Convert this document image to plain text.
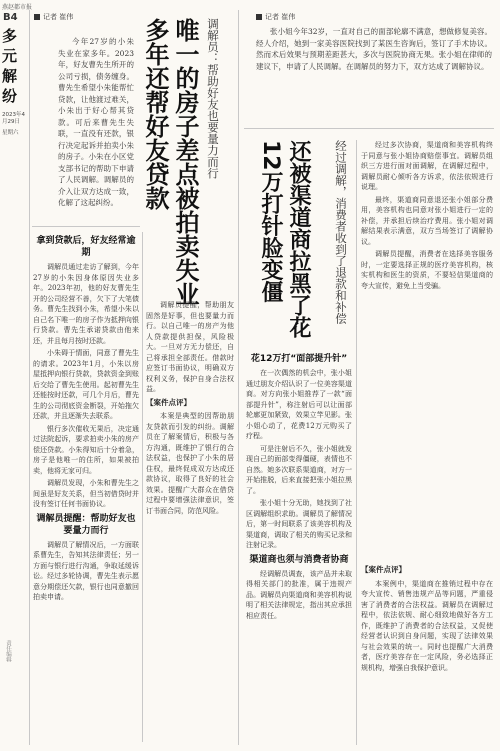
燕赵都市报
B4
多元解纷
2023年4月29日
星期六
责任编辑
记者 崔伟

今年27岁的小朱失业在家多年。2023年，好友曹先生所开的公司亏损，债务缠身。曹先生希望小朱能帮忙贷款，让他渡过难关，小朱出于好心帮其贷款。可后来曹先生失联，一直没有还款，银行决定起诉并拍卖小朱的房子。小朱在小区党支部书记的帮助下申请了人民调解。调解员的介入让双方达成一致，化解了这起纠纷。	唯一的房子差点被拍卖失业多年还帮好友贷款	调解员：帮助好友也要量力而行
拿到贷款后，好友经常逾期

调解员通过走访了解到，今年27岁的小朱因身体原因失业多年。2023年初，他的好友曹先生开的公司经营不善，欠下了大笔债务。曹先生找到小朱，希望小朱以自己名下唯一的房子作为抵押向银行贷款。曹先生承诺贷款由他来还，并且每月按时还款。

小朱碍于情面，同意了曹先生的请求。2023年1月，小朱以房屋抵押向银行贷款，贷款资金到账后交给了曹先生使用。起初曹先生还能按时还款，可几个月后，曹先生的公司彻底资金断裂，开始拖欠还款，并且逐渐失去联系。

银行多次催收无果后，决定通过法院起诉，要求拍卖小朱的房产偿还贷款。小朱得知后十分着急，房子是他唯一的住所，如果被拍卖，他将无家可归。

调解员发现，小朱和曹先生之间虽是好友关系，但当初借贷时并没有签订任何书面协议。

调解员提醒：帮助好友也要量力而行

调解员了解情况后，一方面联系曹先生，告知其法律责任；另一方面与银行进行沟通，争取延缓诉讼。经过多轮协调，曹先生表示愿意分期偿还欠款，银行也同意撤回拍卖申请。

调解员提醒，帮助朋友固然是好事，但也要量力而行。以自己唯一的房产为他人贷款提供担保，风险极大。一旦对方无力偿还，自己将承担全部责任。借款时应签订书面协议，明确双方权利义务，保护自身合法权益。

【案件点评】

本案是典型的因帮助朋友贷款而引发的纠纷。调解员在了解案情后，积极与各方沟通，既维护了银行的合法权益，也保护了小朱的居住权，最终促成双方达成还款协议，取得了良好的社会效果。提醒广大群众在借贷过程中要增强法律意识，签订书面合同，防范风险。

记者 崔伟

张小姐今年32岁，一直对自己的面部轮廓不满意，想做修复美容。经人介绍，她到一家美容医院找到了某医生咨询后，签订了手术协议。然而术后效果与预期差距甚大，多次与医院协商无果。张小姐在律师的建议下，申请了人民调解。在调解员的努力下，双方达成了调解协议。

经过调解，消费者收到了退款和补偿
还被渠道商拉黑了花12万打针脸变僵
花12万打“面部提升针”

在一次偶然的机会中，张小姐通过朋友介绍认识了一位美容渠道商。对方向张小姐推荐了一款“面部提升针”，称注射后可以让面部轮廓更加紧致，效果立竿见影。张小姐心动了，花费12万元购买了疗程。

可是注射后不久，张小姐就发现自己的面部变得僵硬，表情也不自然。她多次联系渠道商，对方一开始推脱，后来直接把张小姐拉黑了。

张小姐十分无助，她找到了社区调解组织求助。调解员了解情况后，第一时间联系了该美容机构及渠道商，调取了相关的购买记录和注射记录。

渠道商也须与消费者协商

经调解员调查，该产品并未取得相关部门的批准，属于违规产品。调解员向渠道商和美容机构说明了相关法律规定，指出其应承担相应责任。

经过多次协商，渠道商和美容机构终于同意与张小姐协商赔偿事宜。调解员组织三方进行面对面调解，在调解过程中，调解员耐心倾听各方诉求，依法依规进行说理。

最终，渠道商同意退还张小姐部分费用，美容机构也同意对张小姐进行一定的补偿，并承担后续治疗费用。张小姐对调解结果表示满意，双方当场签订了调解协议。

调解员提醒，消费者在选择美容服务时，一定要选择正规的医疗美容机构，核实机构和医生的资质，不要轻信渠道商的夸大宣传，避免上当受骗。

【案件点评】

本案例中，渠道商在推销过程中存在夸大宣传、销售违规产品等问题，严重侵害了消费者的合法权益。调解员在调解过程中，依法依规、耐心细致地做好各方工作，既维护了消费者的合法权益，又促使经营者认识到自身问题，实现了法律效果与社会效果的统一。同时也提醒广大消费者，医疗美容存在一定风险，务必选择正规机构，增强自我保护意识。
